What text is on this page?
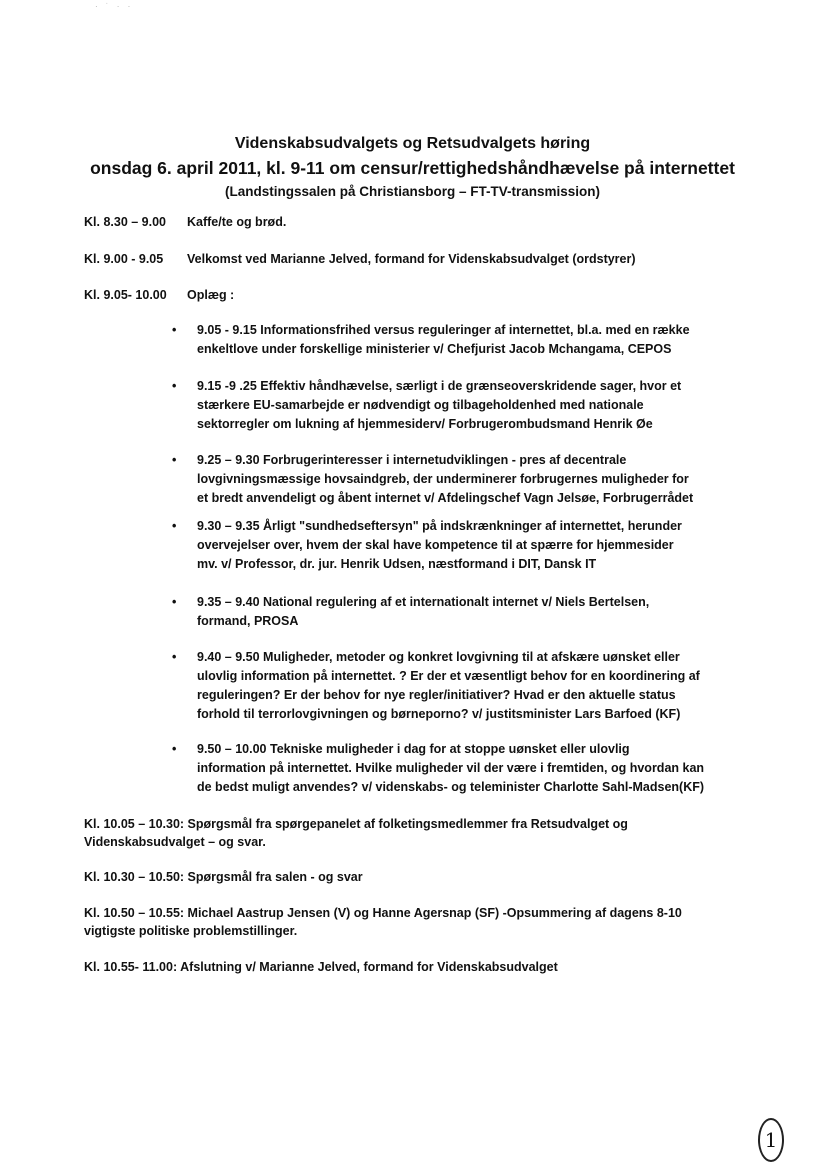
· ˙ · ·
Videnskabsudvalgets og Retsudvalgets høring
onsdag 6. april 2011, kl. 9-11 om censur/rettighedshåndhævelse på internettet
(Landstingssalen på Christiansborg – FT-TV-transmission)
Kl. 8.30 – 9.00 Kaffe/te og brød.
Kl. 9.00 - 9.05 Velkomst ved Marianne Jelved, formand for Videnskabsudvalget (ordstyrer)
Kl. 9.05- 10.00 Oplæg :
• 9.05 - 9.15 Informationsfrihed versus reguleringer af internettet, bl.a. med en række
enkeltlove under forskellige ministerier v/ Chefjurist Jacob Mchangama, CEPOS
• 9.15 -9 .25 Effektiv håndhævelse, særligt i de grænseoverskridende sager, hvor et
stærkere EU-samarbejde er nødvendigt og tilbageholdenhed med nationale
sektorregler om lukning af hjemmesiderv/ Forbrugerombudsmand Henrik Øe
• 9.25 – 9.30 Forbrugerinteresser i internetudviklingen - pres af decentrale
lovgivningsmæssige hovsaindgreb, der underminerer forbrugernes muligheder for
et bredt anvendeligt og åbent internet v/ Afdelingschef Vagn Jelsøe, Forbrugerrådet
• 9.30 – 9.35 Årligt "sundhedseftersyn" på indskrænkninger af internettet, herunder
overvejelser over, hvem der skal have kompetence til at spærre for hjemmesider
mv. v/ Professor, dr. jur. Henrik Udsen, næstformand i DIT, Dansk IT
• 9.35 – 9.40 National regulering af et internationalt internet v/ Niels Bertelsen,
formand, PROSA
• 9.40 – 9.50 Muligheder, metoder og konkret lovgivning til at afskære uønsket eller
ulovlig information på internettet. ? Er der et væsentligt behov for en koordinering af
reguleringen? Er der behov for nye regler/initiativer? Hvad er den aktuelle status
forhold til terrorlovgivningen og børneporno? v/ justitsminister Lars Barfoed (KF)
• 9.50 – 10.00 Tekniske muligheder i dag for at stoppe uønsket eller ulovlig
information på internettet. Hvilke muligheder vil der være i fremtiden, og hvordan kan
de bedst muligt anvendes? v/ videnskabs- og teleminister Charlotte Sahl-Madsen(KF)
Kl. 10.05 – 10.30: Spørgsmål fra spørgepanelet af folketingsmedlemmer fra Retsudvalget og
Videnskabsudvalget – og svar.
Kl. 10.30 – 10.50: Spørgsmål fra salen - og svar
Kl. 10.50 – 10.55: Michael Aastrup Jensen (V) og Hanne Agersnap (SF) -Opsummering af dagens 8-10
vigtigste politiske problemstillinger.
Kl. 10.55- 11.00: Afslutning v/ Marianne Jelved, formand for Videnskabsudvalget
1
